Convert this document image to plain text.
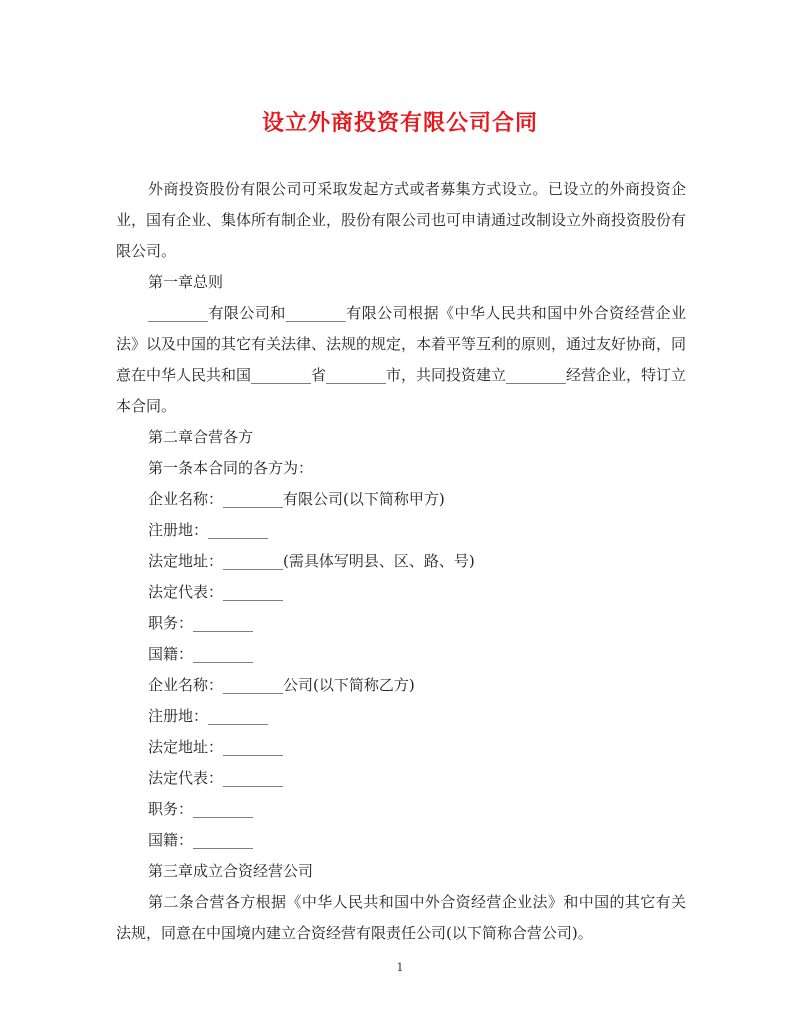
设立外商投资有限公司合同

外商投资股份有限公司可采取发起方式或者募集方式设立。已设立的外商投资企业，国有企业、集体所有制企业，股份有限公司也可申请通过改制设立外商投资股份有限公司。

第一章总则

________有限公司和________有限公司根据《中华人民共和国中外合资经营企业法》以及中国的其它有关法律、法规的规定，本着平等互利的原则，通过友好协商，同意在中华人民共和国________省________市，共同投资建立________经营企业，特订立本合同。

第二章合营各方

第一条本合同的各方为：

企业名称：________有限公司(以下简称甲方)

注册地：________

法定地址：________(需具体写明县、区、路、号)

法定代表：________

职务：________

国籍：________

企业名称：________公司(以下简称乙方)

注册地：________

法定地址：________

法定代表：________

职务：________

国籍：________

第三章成立合资经营公司

第二条合营各方根据《中华人民共和国中外合资经营企业法》和中国的其它有关法规，同意在中国境内建立合资经营有限责任公司(以下简称合营公司)。

1
